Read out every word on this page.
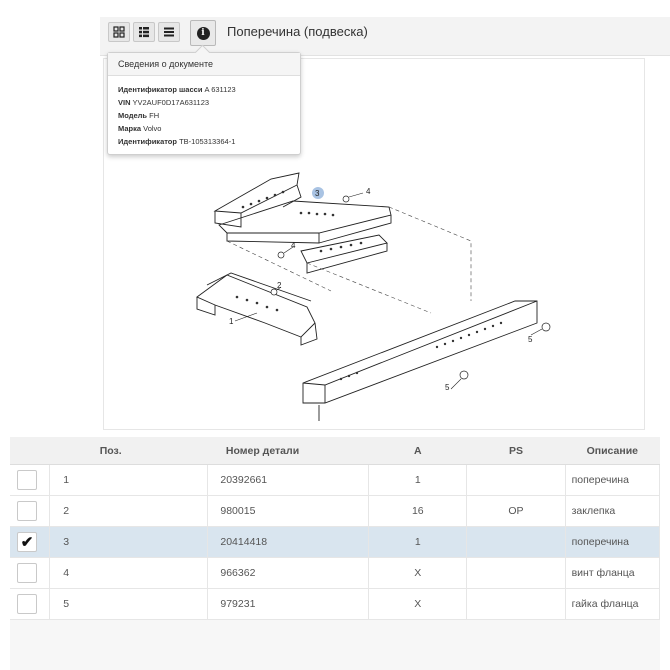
i	Поперечина (подвеска)
1
2
3	4
4
5
5
Сведения о документе
Идентификатор шасси A 631123
VIN YV2AUF0D17A631123
Модель FH
Марка Volvo
Идентификатор TB-105313364-1
	Поз.	Номер детали	A	PS	Описание

	1	20392661	1		поперечина

	2	980015	16	OP	заклепка

✔	3	20414418	1		поперечина

	4	966362	X		винт фланца

	5	979231	X		гайка фланца
